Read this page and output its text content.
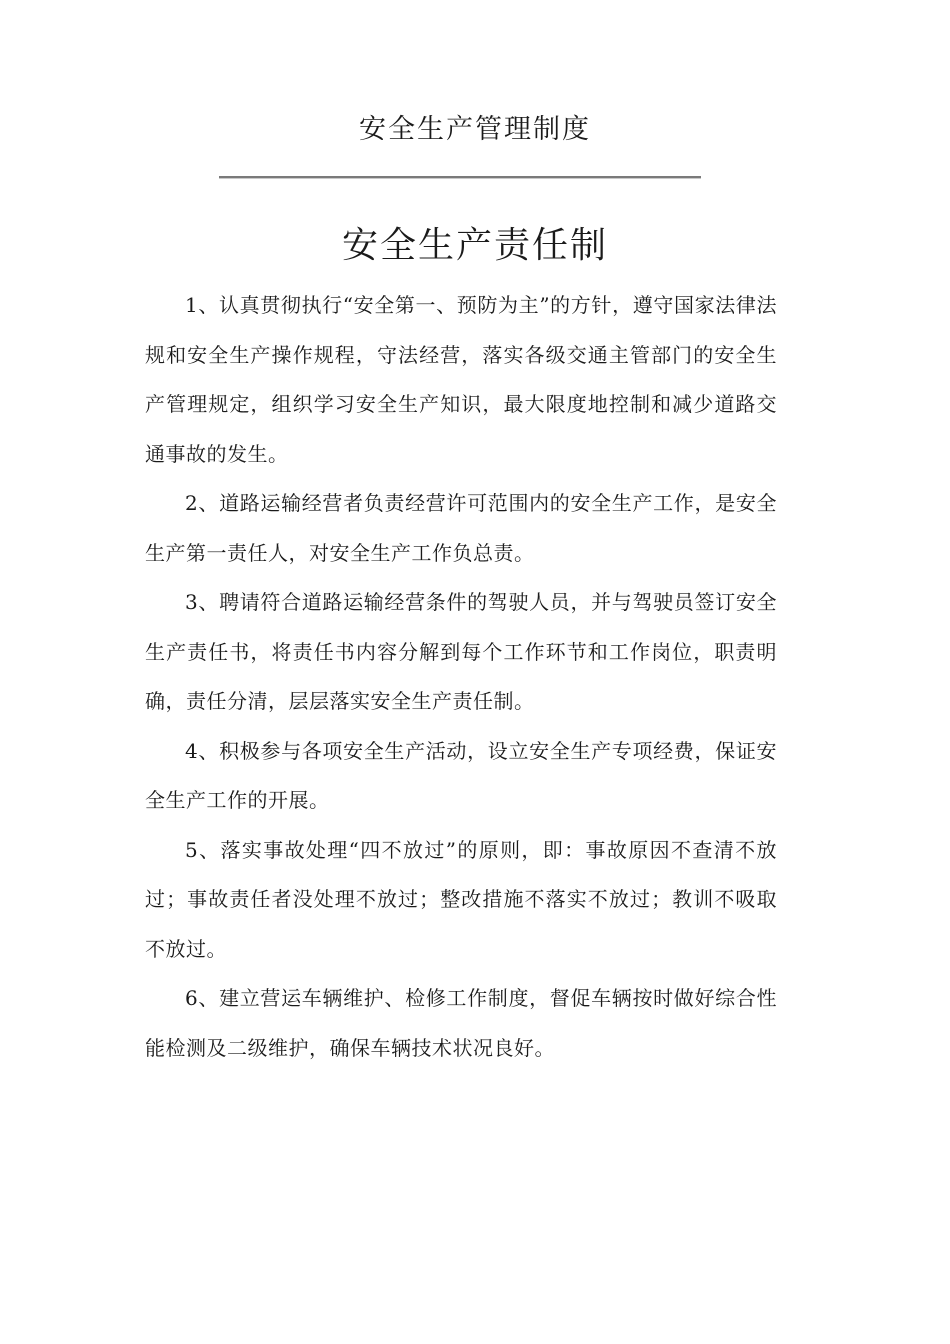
安全生产管理制度
安全生产责任制

1、认真贯彻执行“安全第一、预防为主”的方针，遵守国家法律法规和安全生产操作规程，守法经营，落实各级交通主管部门的安全生产管理规定，组织学习安全生产知识，最大限度地控制和减少道路交通事故的发生。

2、道路运输经营者负责经营许可范围内的安全生产工作，是安全生产第一责任人，对安全生产工作负总责。

3、聘请符合道路运输经营条件的驾驶人员，并与驾驶员签订安全生产责任书，将责任书内容分解到每个工作环节和工作岗位，职责明确，责任分清，层层落实安全生产责任制。

4、积极参与各项安全生产活动，设立安全生产专项经费，保证安全生产工作的开展。

5、落实事故处理“四不放过”的原则，即：事故原因不查清不放过；事故责任者没处理不放过；整改措施不落实不放过；教训不吸取不放过。

6、建立营运车辆维护、检修工作制度，督促车辆按时做好综合性能检测及二级维护，确保车辆技术状况良好。
